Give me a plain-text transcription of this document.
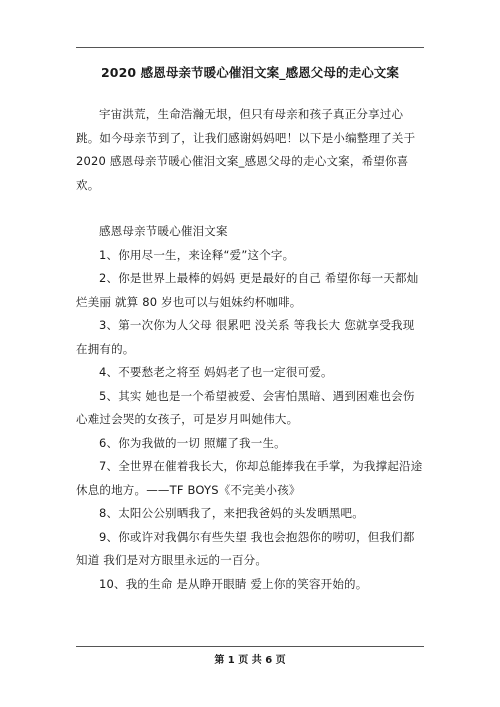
2020 感恩母亲节暖心催泪文案_感恩父母的走心文案

宇宙洪荒，生命浩瀚无垠，但只有母亲和孩子真正分享过心跳。如今母亲节到了，让我们感谢妈妈吧！以下是小编整理了关于 2020 感恩母亲节暖心催泪文案_感恩父母的走心文案，希望你喜欢。

感恩母亲节暖心催泪文案

1、你用尽一生，来诠释“爱”这个字。

2、你是世界上最棒的妈妈 更是最好的自己 希望你每一天都灿烂美丽 就算 80 岁也可以与姐妹约杯咖啡。

3、第一次你为人父母 很累吧 没关系 等我长大 您就享受我现在拥有的。

4、不要愁老之将至 妈妈老了也一定很可爱。

5、其实 她也是一个希望被爱、会害怕黑暗、遇到困难也会伤心难过会哭的女孩子，可是岁月叫她伟大。

6、你为我做的一切 照耀了我一生。

7、全世界在催着我长大，你却总能捧我在手掌，为我撑起沿途休息的地方。——TF BOYS《不完美小孩》

8、太阳公公别晒我了，来把我爸妈的头发晒黑吧。

9、你或许对我偶尔有些失望 我也会抱怨你的唠叨，但我们都知道 我们是对方眼里永远的一百分。

10、我的生命 是从睁开眼睛 爱上你的笑容开始的。

第 1 页 共 6 页
